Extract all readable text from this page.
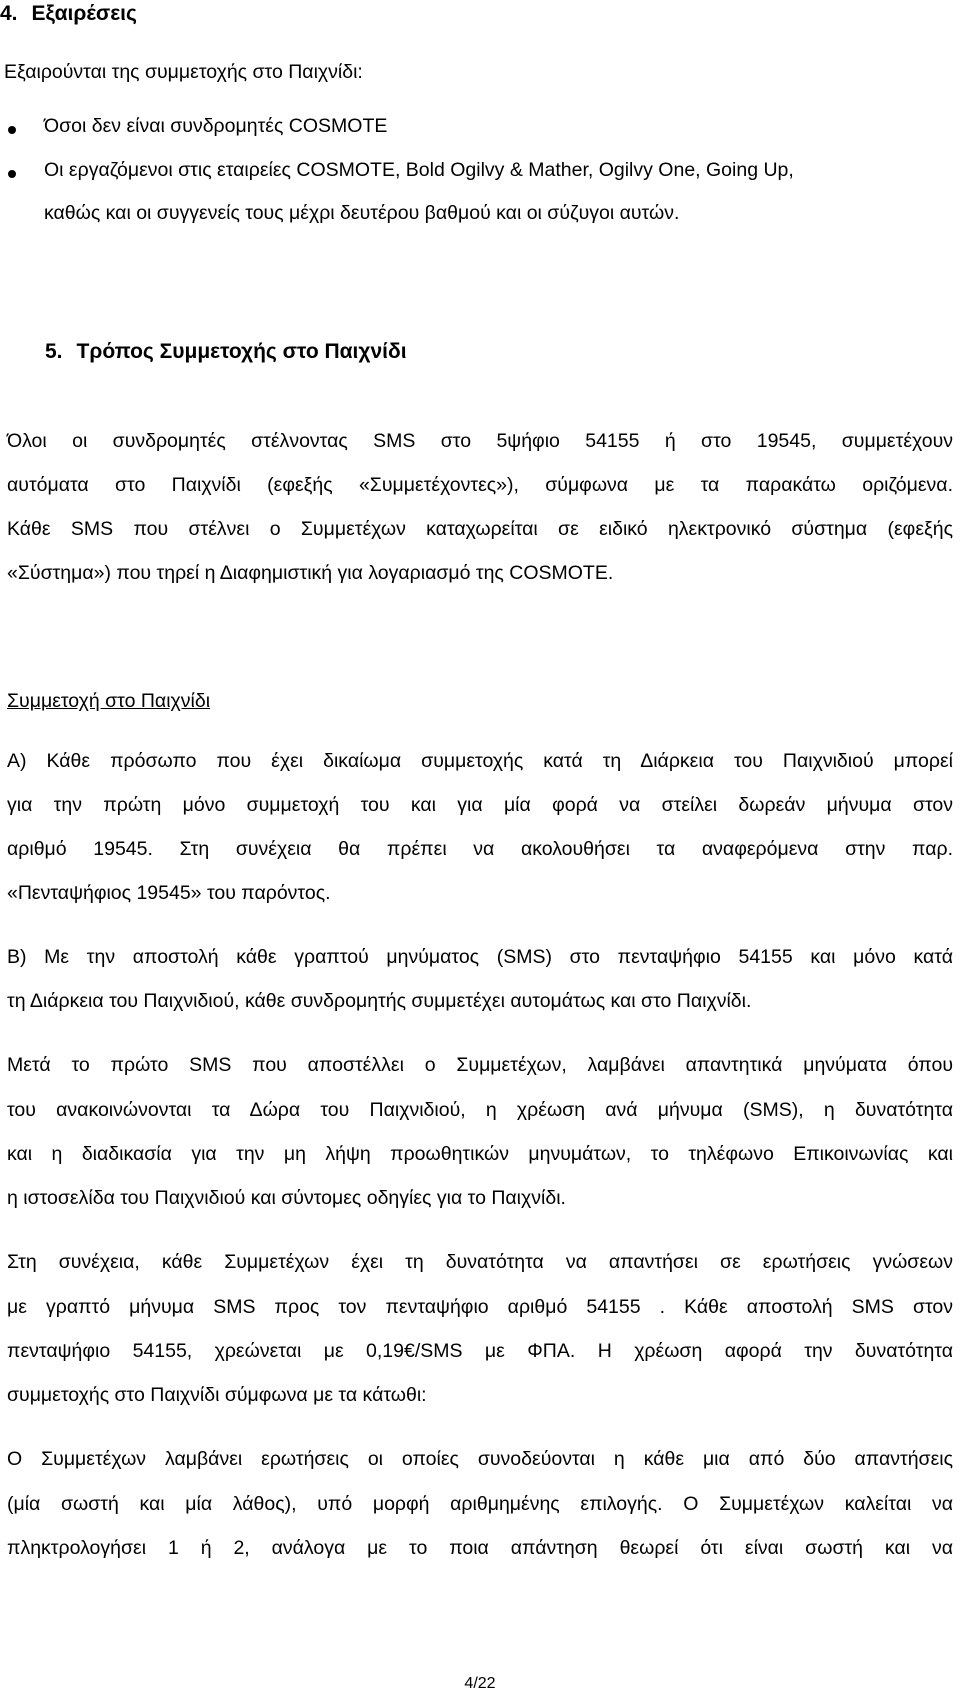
4. Εξαιρέσεις
Εξαιρούνται της συμμετοχής στο Παιχνίδι:
Όσοι δεν είναι συνδρομητές COSMOTE
Οι εργαζόμενοι στις εταιρείες COSMOTE, Bold Ogilvy & Mather, Ogilvy One, Going Up,
καθώς και οι συγγενείς τους μέχρι δευτέρου βαθμού και οι σύζυγοι αυτών.
5. Τρόπος Συμμετοχής στο Παιχνίδι
Όλοι οι συνδρομητές στέλνοντας SMS στο 5ψήφιο 54155 ή στο 19545, συμμετέχουν
αυτόματα στο Παιχνίδι (εφεξής «Συμμετέχοντες»), σύμφωνα με τα παρακάτω οριζόμενα.
Κάθε SMS που στέλνει ο Συμμετέχων καταχωρείται σε ειδικό ηλεκτρονικό σύστημα (εφεξής
«Σύστημα») που τηρεί η Διαφημιστική για λογαριασμό της COSMOTE.
Συμμετοχή στο Παιχνίδι
Α) Κάθε πρόσωπο που έχει δικαίωμα συμμετοχής κατά τη Διάρκεια του Παιχνιδιού μπορεί
για την πρώτη μόνο συμμετοχή του και για μία φορά να στείλει δωρεάν μήνυμα στον
αριθμό 19545. Στη συνέχεια θα πρέπει να ακολουθήσει τα αναφερόμενα στην παρ.
«Πενταψήφιος 19545» του παρόντος.
Β) Με την αποστολή κάθε γραπτού μηνύματος (SMS) στο πενταψήφιο 54155 και μόνο κατά
τη Διάρκεια του Παιχνιδιού, κάθε συνδρομητής συμμετέχει αυτομάτως και στο Παιχνίδι.
Μετά το πρώτο SMS που αποστέλλει ο Συμμετέχων, λαμβάνει απαντητικά μηνύματα όπου
του ανακοινώνονται τα Δώρα του Παιχνιδιού, η χρέωση ανά μήνυμα (SMS), η δυνατότητα
και η διαδικασία για την μη λήψη προωθητικών μηνυμάτων, το τηλέφωνο Επικοινωνίας και
η ιστοσελίδα του Παιχνιδιού και σύντομες οδηγίες για το Παιχνίδι.
Στη συνέχεια, κάθε Συμμετέχων έχει τη δυνατότητα να απαντήσει σε ερωτήσεις γνώσεων
με γραπτό μήνυμα SMS προς τον πενταψήφιο αριθμό 54155 . Κάθε αποστολή SMS στον
πενταψήφιο 54155, χρεώνεται με 0,19€/SMS με ΦΠΑ. Η χρέωση αφορά την δυνατότητα
συμμετοχής στο Παιχνίδι σύμφωνα με τα κάτωθι:
Ο Συμμετέχων λαμβάνει ερωτήσεις οι οποίες συνοδεύονται η κάθε μια από δύο απαντήσεις
(μία σωστή και μία λάθος), υπό μορφή αριθμημένης επιλογής. Ο Συμμετέχων καλείται να
πληκτρολογήσει 1 ή 2, ανάλογα με το ποια απάντηση θεωρεί ότι είναι σωστή και να
4/22
